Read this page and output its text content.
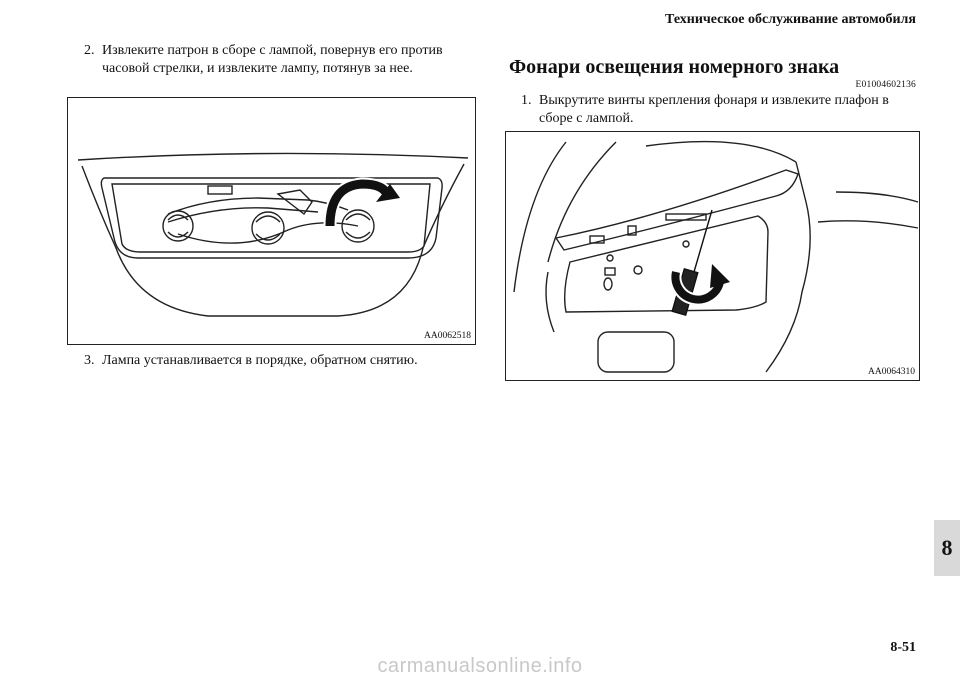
Техническое обслуживание автомобиля
2. Извлеките патрон в сборе с лампой, повернув его против часовой стрелки, и извлеките лампу, потянув за нее.
AA0062518
3. Лампа устанавливается в порядке, обратном снятию.
Фонари освещения номерного знака
E01004602136
1. Выкрутите винты крепления фонаря и извлеките плафон в сборе с лампой.
AA0064310
8
8-51
carmanualsonline.info
